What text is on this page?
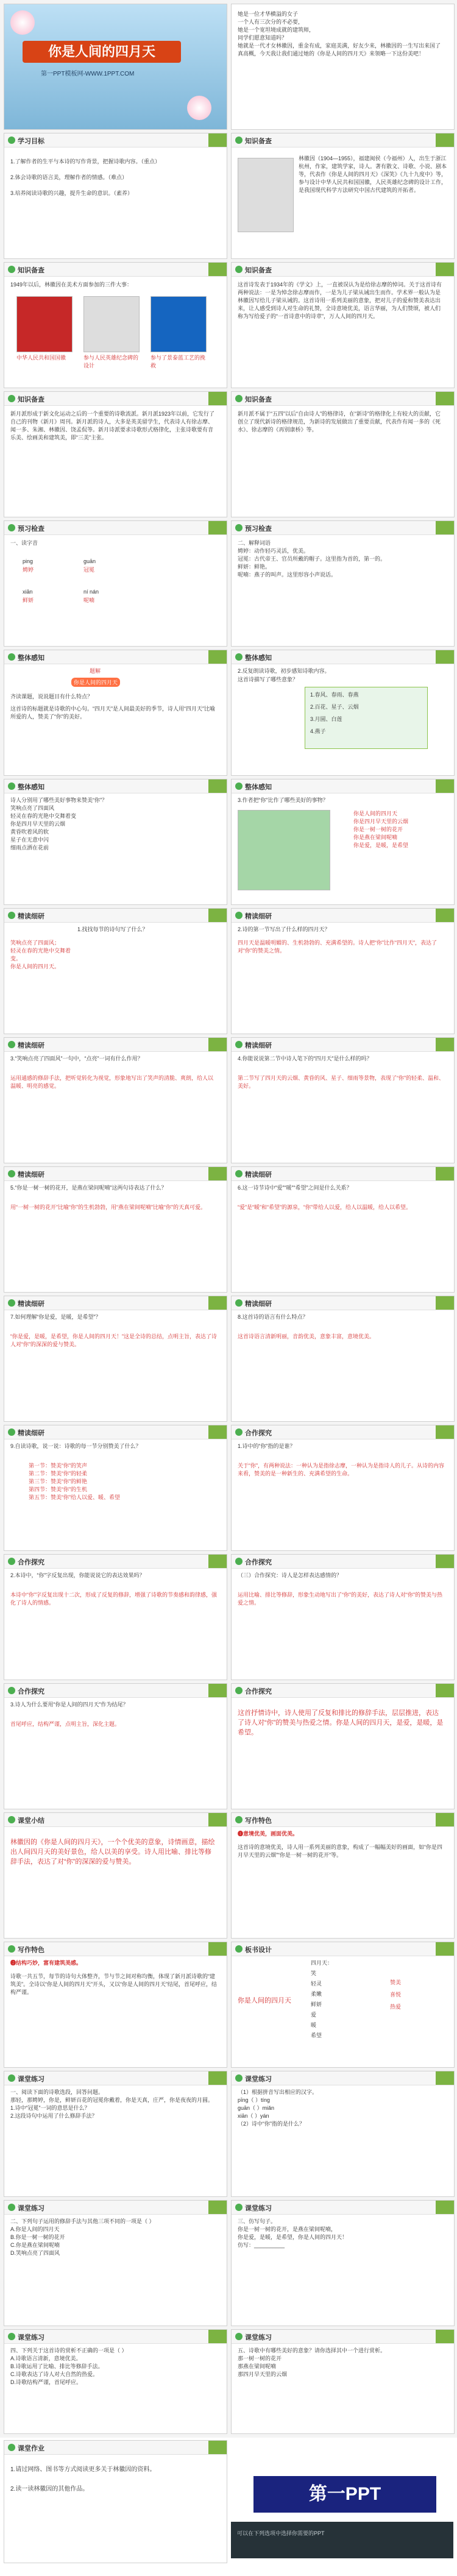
你是人间的四月天
第一PPT模板网-WWW.1PPT.COM
她是一位才华横溢的女子
一个人有三次分的不必要，
她是一个宽坦境成就的建筑师，
同学们愿意知道吗？
她就是一代才女林徽因，重金有成，家庭美满，好友少来，林徽因的一生写出来国了真高概，今天我让我们通过她的《你是人间的四月天》来领略一下这份美吧！
学习目标
1.了解作者的生平与本诗的写作背景，把握诗歌内容。（重点）

2.体会诗歌的语言美，理解作者的情感。（难点）

3.培养阅读诗歌的兴趣，提升生命的意识。（素养）
知识备查
林徽因（1904—1955），福建闽侯（今福州）人，出生于浙江杭州，作家，建筑学家，诗人。著有散文、诗歌、小说、剧本等，代表作《你是人间的四月天》《深笑》《九十九度中》等，参与设计中华人民共和国国徽，人民英雄纪念碑的设计工作，是我国现代科学方法研究中国古代建筑的开拓者。
知识备查
1949年以后，林徽因在美术方面参加的三件大事：
中华人民共和国国徽	参与人民英雄纪念碑的设计
参与了景泰蓝工艺的挽救
知识备查
这首诗发表于1934年的《学文》上，一直被误认为是给徐志摩的悼词。关于这首诗有两种说法：一是为悼念徐志摩而作，一是为儿子梁从诫出生而作。学术界一般认为是林徽因写给儿子梁从诫的。这首诗用一系列美丽的意象，把对儿子的爱和赞美表达出来，让人感受到诗人对生命的礼赞，全诗意境优美，语言华丽，为人们赞颂，被人们称为写给爱子的“一首诗意中的诗章”，万人人间的四月天。
知识备查
新月派形成于新文化运动之后的一个重要的诗歌流派。新月派1923年以前，它发行了自己的刊物《新月》周刊。新月派的诗人，大多是英美留学生，代表诗人有徐志摩、闻一多、朱湘、林徽因、饶孟侃等。新月诗派要求诗歌形式格律化，主张诗歌要有音乐美、绘画美和建筑美，即“三美”主张。
知识备查
新月派不属于“五四”以后“自由诗人”的格律诗，在“新诗”的格律化上有较大的贡献，它创立了现代新诗的格律规范，为新诗的发展做出了重要贡献，代表作有闻一多的《死水》、徐志摩的《再别康桥》等。
预习检查
一、读字音
ping
娉婷
guān
冠冕
xiān
鲜妍
ní nán
呢喃
预习检查
二、解释词语
娉婷：动作轻巧灵活，优美。
冠冕：古代帝王、官员所戴的帽子。这里指为首的，第一的。
鲜妍：鲜艳。
呢喃：燕子的叫声。这里形容小声说话。
整体感知
题解
你是人间的四月天
齐读课题，说说题目有什么特点？
这首诗的标题就是诗歌的中心句。“四月天”是人间最美好的季节，诗人用“四月天”比喻所爱的人，赞美了“你”的美好。
整体感知
2.反复朗读诗歌，初步感知诗歌内容。
这首诗描写了哪些意象？
1.春风、春雨、春燕
2.百花、星子、云烟
3.月圆、白莲
4.燕子
整体感知
诗人分别用了哪些美好事物来赞美“你”？
笑响点亮了四面风
轻灵在春的光艳中交舞着变
你是四月早天里的云烟
黄昏吹着风的软
星子在无意中闪
细雨点洒在花前
整体感知
3.作者把“你”比作了哪些美好的事物？
你是人间的四月天
你是四月早天里的云烟
你是一树一树的花开
你是燕在梁间呢喃
你是爱，是暖，是希望
精读细研
1.找找每节的诗句写了什么？
笑响点亮了四面风；
轻灵在春的光艳中交舞着变。
你是人间的四月天。
精读细研
2.诗的第一节写出了什么样的四月天？
四月天是温暖明媚的、生机勃勃的、充满希望的。诗人把“你”比作“四月天”，表达了对“你”的赞美之情。
精读细研
3.“笑响点亮了四面风”一句中，“点亮”一词有什么作用？
运用通感的修辞手法，把听觉转化为视觉，形象地写出了笑声的清脆、爽朗，给人以温暖、明亮的感觉。
精读细研
4.你能说说第二节中诗人笔下的“四月天”是什么样的吗？
第二节写了四月天的云烟、黄昏的风、星子、细雨等景物，表现了“你”的轻柔、温和、美好。
精读细研
5.“你是一树一树的花开，是燕在梁间呢喃”这两句诗表达了什么？
用“一树一树的花开”比喻“你”的生机勃勃，用“燕在梁间呢喃”比喻“你”的天真可爱。
精读细研
6.这一诗节诗中“爱”“暖”“希望”之间是什么关系？
“爱”是“暖”和“希望”的源泉，“你”带给人以爱，给人以温暖，给人以希望。
精读细研
7.如何理解“你是爱，是暖，是希望”？
“你是爱，是暖，是希望，你是人间的四月天！”这是全诗的总结，点明主旨，表达了诗人对“你”的深深的爱与赞美。
精读细研
8.这首诗的语言有什么特点？
这首诗语言清新明丽，音韵优美，意象丰富，意境优美。
精读细研
9.自读诗歌，说一说：诗歌的每一节分别赞美了什么？
第一节：赞美“你”的笑声
第二节：赞美“你”的轻柔
第三节：赞美“你”的鲜艳
第四节：赞美“你”的生机
第五节：赞美“你”给人以爱、暖、希望
合作探究
1.诗中的“你”指的是谁？
关于“你”，有两种说法：一种认为是指徐志摩，一种认为是指诗人的儿子。从诗的内容来看，赞美的是一种新生的、充满希望的生命。
合作探究
2.本诗中，“你”字反复出现，你能说说它的表达效果吗？
本诗中“你”字反复出现十二次，形成了反复的修辞，增强了诗歌的节奏感和韵律感，强化了诗人的情感。
合作探究
（三）合作探究：诗人是怎样表达感情的？
运用比喻、排比等修辞，形象生动地写出了“你”的美好，表达了诗人对“你”的赞美与热爱之情。
合作探究
3.诗人为什么要用“你是人间的四月天”作为结尾？
首尾呼应，结构严谨，点明主旨，深化主题。
合作探究
这首抒情诗中，诗人使用了反复和排比的修辞手法，层层推进，表达了诗人对“你”的赞美与热爱之情。你是人间的四月天，是爱，是暖，是希望。
课堂小结
林徽因的《你是人间的四月天》，一个个优美的意象，诗情画意，描绘出人间四月天的美好景色，给人以美的享受。诗人用比喻、排比等修辞手法，表达了对“你”的深深的爱与赞美。
写作特色
❶意境优美，画面优美。
这首诗的意境优美，诗人用一系列美丽的意象，构成了一幅幅美好的画面，如“你是四月早天里的云烟”“你是一树一树的花开”等。
写作特色
❷结构巧妙，富有建筑美感。
诗歌一共五节，每节的诗句大体整齐，节与节之间对称均衡，体现了新月派诗歌的“建筑美”。全诗以“你是人间的四月天”开头，又以“你是人间的四月天”结尾，首尾呼应，结构严谨。
板书设计
你是人间的四月天
四月天：
笑
轻灵
柔嫩
鲜妍
爱
暖
希望
赞美
喜悦
热爱
课堂练习
一、阅读下面的诗歌选段，回答问题。
那轻，那娉婷，你是，鲜妍百花的冠冕你戴着，你是天真，庄严，你是夜夜的月圆。
1.诗中“冠冕”一词的意思是什么？
2.这段诗句中运用了什么修辞手法？
课堂练习
（1）根据拼音写出相应的汉字。
pīng（ ）tíng
guān（ ）miǎn
xiān（ ）yán
（2）诗中“你”指的是什么？
课堂练习
二、下列句子运用的修辞手法与其他三项不同的一项是（ ）
A.你是人间的四月天
B.你是一树一树的花开
C.你是燕在梁间呢喃
D.笑响点亮了四面风
课堂练习
三、仿写句子。
你是一树一树的花开，是燕在梁间呢喃，
你是爱，是暖，是希望，你是人间的四月天！
仿写：__________
课堂练习
四、下列关于这首诗的赏析不正确的一项是（ ）
A.诗歌语言清新，意境优美。
B.诗歌运用了比喻、排比等修辞手法。
C.诗歌表达了诗人对大自然的热爱。
D.诗歌结构严谨，首尾呼应。
课堂练习
五、诗歌中有哪些美好的意象？请你选择其中一个进行赏析。
那一树一树的花开
那燕在梁间呢喃
那四月早天里的云烟
课堂作业
1.请过网络、图书等方式阅读更多关于林徽因的资料。

2.读一读林徽因的其他作品。	第一PPT
可以在下列选项中选择你需要的PPT
